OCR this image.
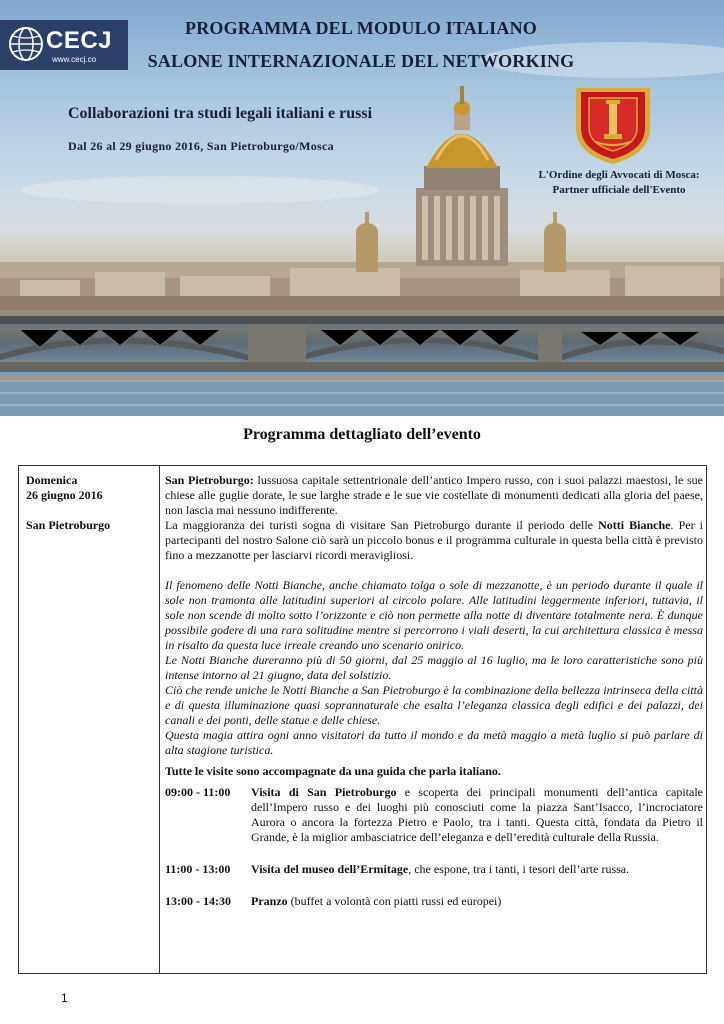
CECJ
www.cecj.co
PROGRAMMA DEL MODULO ITALIANO
SALONE INTERNAZIONALE DEL NETWORKING
Collaborazioni tra studi legali italiani e russi
Dal 26 al 29 giugno 2016, San Pietroburgo/Mosca
L'Ordine degli Avvocati di Mosca:
Partner ufficiale dell'Evento
Programma dettagliato dell’evento
Domenica
26 giugno 2016
San Pietroburgo

San Pietroburgo: lussuosa capitale settentrionale dell’antico Impero russo, con i suoi palazzi maestosi, le sue chiese alle guglie dorate, le sue larghe strade e le sue vie costellate di monumenti dedicati alla gloria del paese, non lascia mai nessuno indifferente.

La maggioranza dei turisti sogna di visitare San Pietroburgo durante il periodo delle Notti Bianche. Per i partecipanti del nostro Salone ciò sarà un piccolo bonus e il programma culturale in questa bella città è previsto fino a mezzanotte per lasciarvi ricordi meravigliosi.

Il fenomeno delle Notti Bianche, anche chiamato tolga o sole di mezzanotte, è un periodo durante il quale il sole non tramonta alle latitudini superiori al circolo polare. Alle latitudini leggermente inferiori, tuttavia, il sole non scende di molto sotto l’orizzonte e ciò non permette alla notte di diventare totalmente nera. È dunque possibile godere di una rara solitudine mentre si percorrono i viali deserti, la cui architettura classica è messa in risalto da questa luce irreale creando uno scenario onirico.

Le Notti Bianche dureranno più di 50 giorni, dal 25 maggio al 16 luglio, ma le loro caratteristiche sono più intense intorno al 21 giugno, data del solstizio.

Ciò che rende uniche le Notti Bianche a San Pietroburgo è la combinazione della bellezza intrinseca della città e di questa illuminazione quasi soprannaturale che esalta l’eleganza classica degli edifici e dei palazzi, dei canali e dei ponti, delle statue e delle chiese.

Questa magia attira ogni anno visitatori da tutto il mondo e da metà maggio a metà luglio si può parlare di alta stagione turistica.

Tutte le visite sono accompagnate da una guida che parla italiano.

09:00 - 11:00	Visita di San Pietroburgo e scoperta dei principali monumenti dell’antica capitale dell’Impero russo e dei luoghi più conosciuti come la piazza Sant’Isacco, l’incrociatore Aurora o ancora la fortezza Pietro e Paolo, tra i tanti. Questa città, fondata da Pietro il Grande, è la miglior ambasciatrice dell’eleganza e dell’eredità culturale della Russia.
11:00 - 13:00	Visita del museo dell’Ermitage, che espone, tra i tanti, i tesori dell’arte russa.
13:00 - 14:30	Pranzo (buffet a volontà con piatti russi ed europei)
1
